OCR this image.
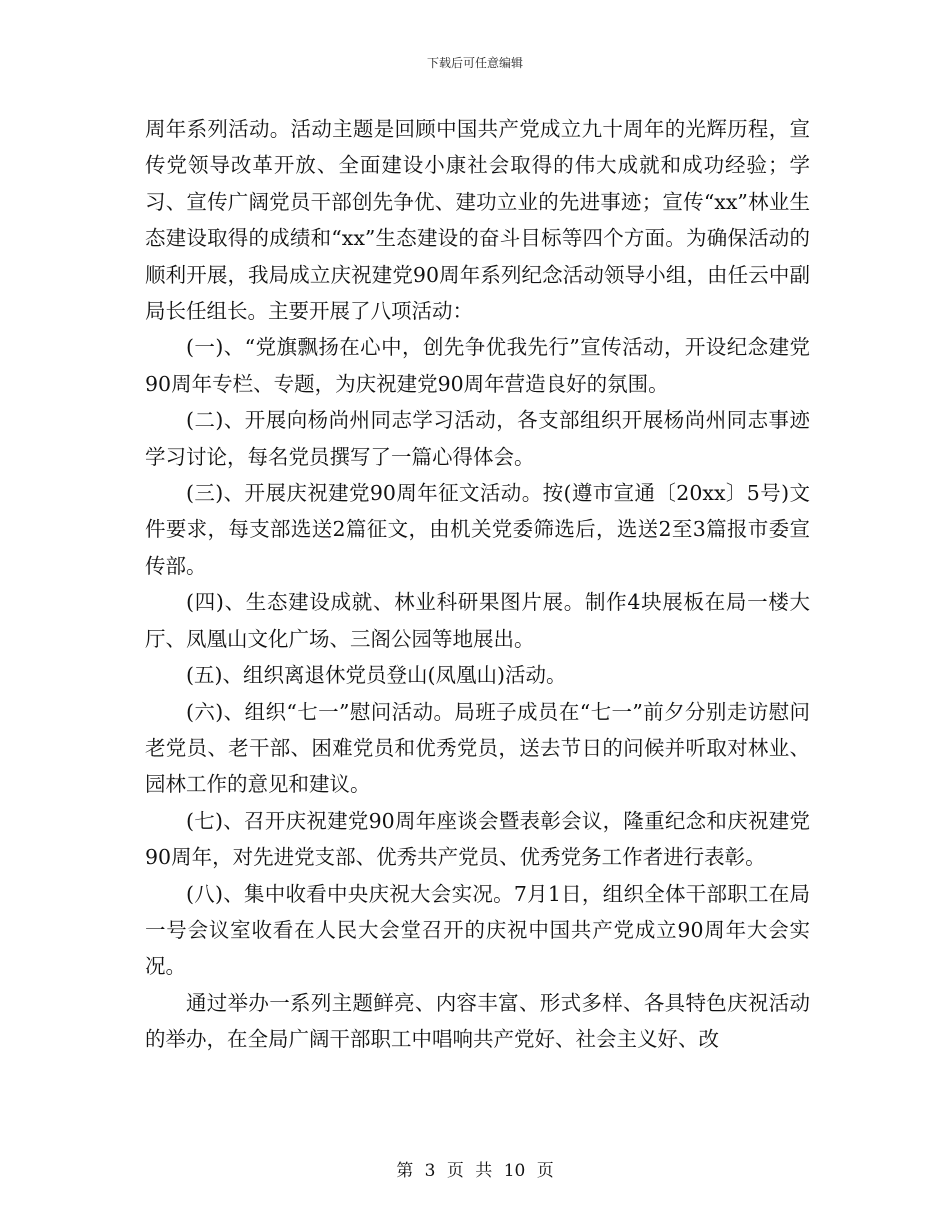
下载后可任意编辑

周年系列活动。活动主题是回顾中国共产党成立九十周年的光辉历程，宣传党领导改革开放、全面建设小康社会取得的伟大成就和成功经验；学习、宣传广阔党员干部创先争优、建功立业的先进事迹；宣传“xx”林业生态建设取得的成绩和“xx”生态建设的奋斗目标等四个方面。为确保活动的顺利开展，我局成立庆祝建党90周年系列纪念活动领导小组，由任云中副局长任组长。主要开展了八项活动：

(一)、“党旗飘扬在心中，创先争优我先行”宣传活动，开设纪念建党90周年专栏、专题，为庆祝建党90周年营造良好的氛围。

(二)、开展向杨尚州同志学习活动，各支部组织开展杨尚州同志事迹学习讨论，每名党员撰写了一篇心得体会。

(三)、开展庆祝建党90周年征文活动。按(遵市宣通〔20xx〕5号)文件要求，每支部选送2篇征文，由机关党委筛选后，选送2至3篇报市委宣传部。

(四)、生态建设成就、林业科研果图片展。制作4块展板在局一楼大厅、凤凰山文化广场、三阁公园等地展出。

(五)、组织离退休党员登山(凤凰山)活动。

(六)、组织“七一”慰问活动。局班子成员在“七一”前夕分别走访慰问老党员、老干部、困难党员和优秀党员，送去节日的问候并听取对林业、园林工作的意见和建议。

(七)、召开庆祝建党90周年座谈会暨表彰会议，隆重纪念和庆祝建党90周年，对先进党支部、优秀共产党员、优秀党务工作者进行表彰。

(八)、集中收看中央庆祝大会实况。7月1日，组织全体干部职工在局一号会议室收看在人民大会堂召开的庆祝中国共产党成立90周年大会实况。

通过举办一系列主题鲜亮、内容丰富、形式多样、各具特色庆祝活动的举办，在全局广阔干部职工中唱响共产党好、社会主义好、改

第 3 页 共 10 页
